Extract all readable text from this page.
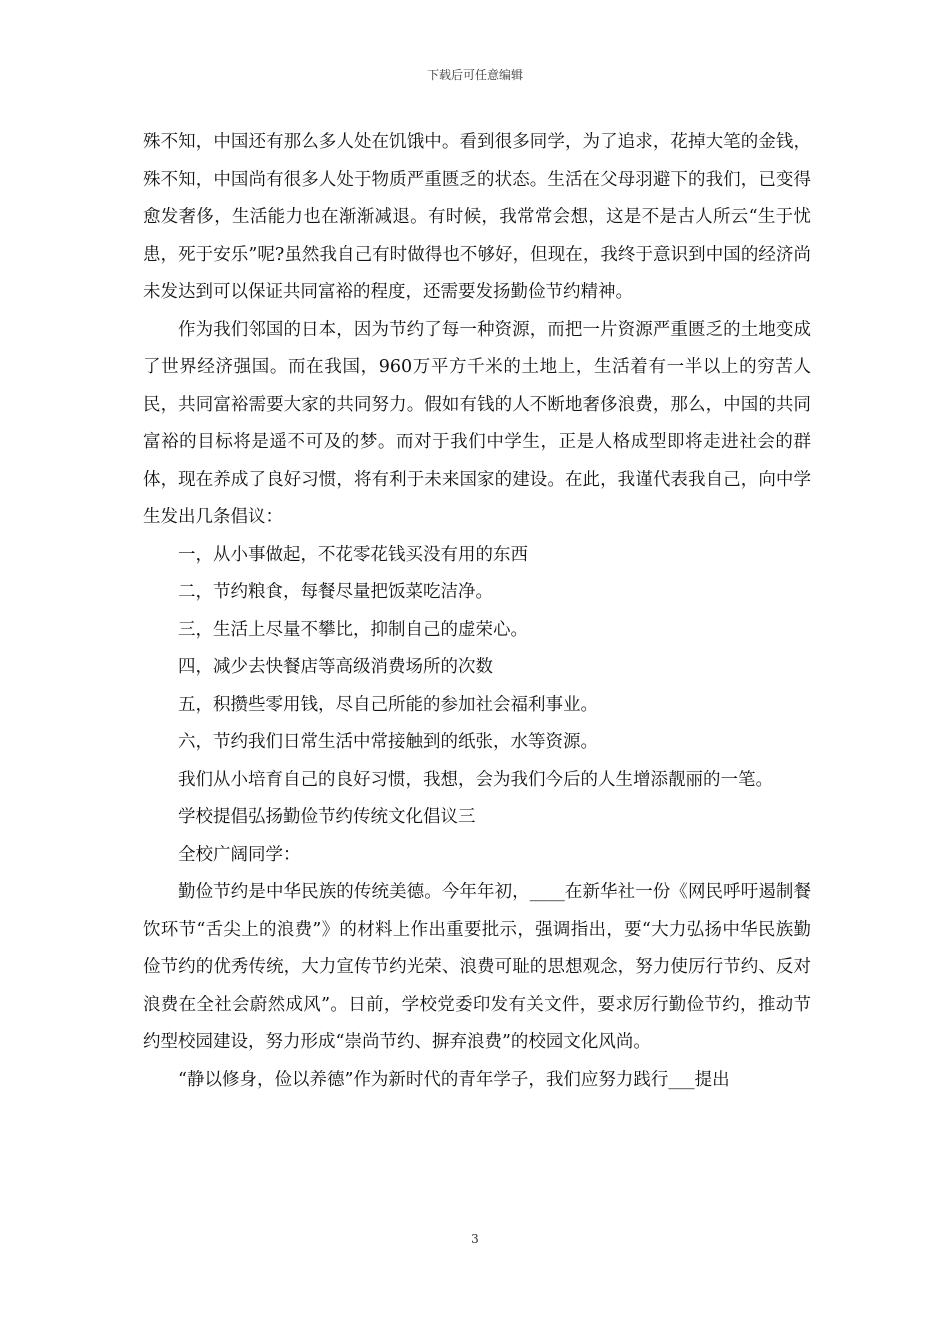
下载后可任意编辑

殊不知，中国还有那么多人处在饥饿中。看到很多同学，为了追求，花掉大笔的金钱，殊不知，中国尚有很多人处于物质严重匮乏的状态。生活在父母羽避下的我们，已变得愈发奢侈，生活能力也在渐渐减退。有时候，我常常会想，这是不是古人所云“生于忧患，死于安乐”呢?虽然我自己有时做得也不够好，但现在，我终于意识到中国的经济尚未发达到可以保证共同富裕的程度，还需要发扬勤俭节约精神。

作为我们邻国的日本，因为节约了每一种资源，而把一片资源严重匮乏的土地变成了世界经济强国。而在我国，960万平方千米的土地上，生活着有一半以上的穷苦人民，共同富裕需要大家的共同努力。假如有钱的人不断地奢侈浪费，那么，中国的共同富裕的目标将是遥不可及的梦。而对于我们中学生，正是人格成型即将走进社会的群体，现在养成了良好习惯，将有利于未来国家的建设。在此，我谨代表我自己，向中学生发出几条倡议：

一，从小事做起，不花零花钱买没有用的东西

二，节约粮食，每餐尽量把饭菜吃洁净。

三，生活上尽量不攀比，抑制自己的虚荣心。

四，减少去快餐店等高级消费场所的次数

五，积攒些零用钱，尽自己所能的参加社会福利事业。

六，节约我们日常生活中常接触到的纸张，水等资源。

我们从小培育自己的良好习惯，我想，会为我们今后的人生增添靓丽的一笔。

学校提倡弘扬勤俭节约传统文化倡议三

全校广阔同学：

勤俭节约是中华民族的传统美德。今年年初，____在新华社一份《网民呼吁遏制餐饮环节“舌尖上的浪费”》的材料上作出重要批示，强调指出，要“大力弘扬中华民族勤俭节约的优秀传统，大力宣传节约光荣、浪费可耻的思想观念，努力使厉行节约、反对浪费在全社会蔚然成风”。日前，学校党委印发有关文件，要求厉行勤俭节约，推动节约型校园建设，努力形成“崇尚节约、摒弃浪费”的校园文化风尚。

“静以修身，俭以养德”作为新时代的青年学子，我们应努力践行___提出

3
